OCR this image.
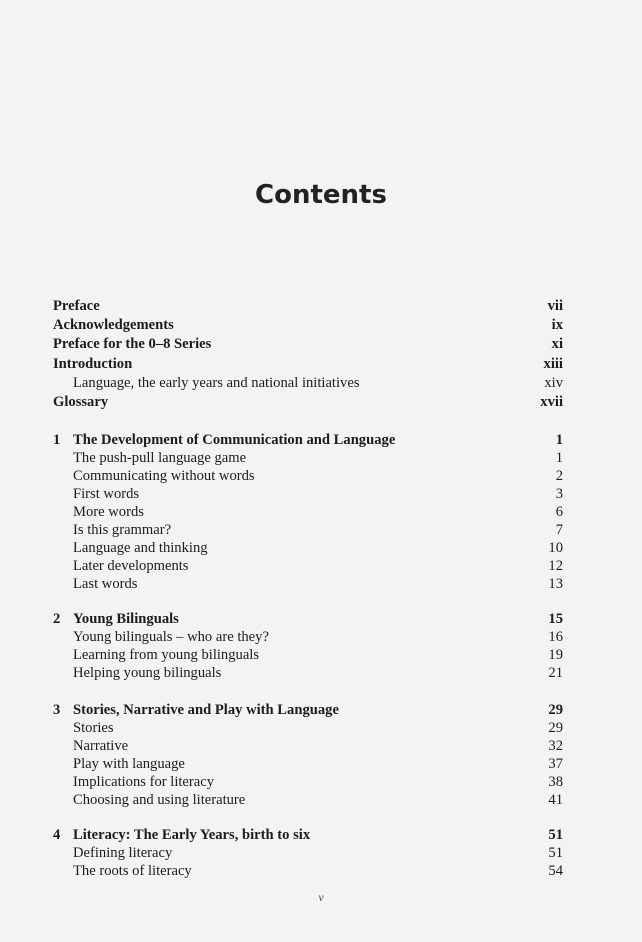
Contents
Preface	vii
Acknowledgements	ix
Preface for the 0–8 Series	xi
Introduction	xiii
Language, the early years and national initiatives	xiv
Glossary	xvii
1 The Development of Communication and Language	1
The push-pull language game	1
Communicating without words	2
First words	3
More words	6
Is this grammar?	7
Language and thinking	10
Later developments	12
Last words	13
2 Young Bilinguals	15
Young bilinguals – who are they?	16
Learning from young bilinguals	19
Helping young bilinguals	21
3 Stories, Narrative and Play with Language	29
Stories	29
Narrative	32
Play with language	37
Implications for literacy	38
Choosing and using literature	41
4 Literacy: The Early Years, birth to six	51
Defining literacy	51
The roots of literacy	54
v
